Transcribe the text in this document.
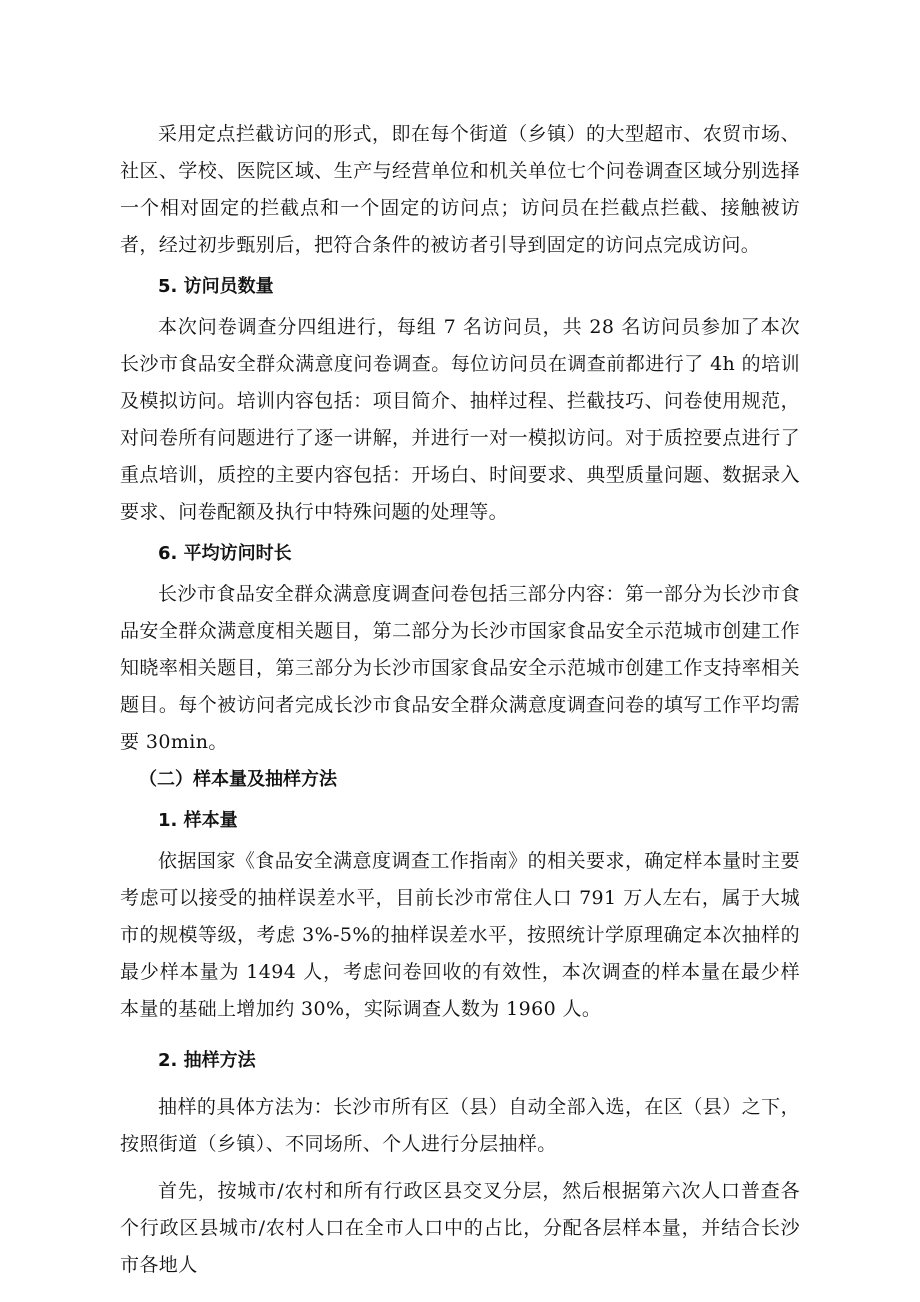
采用定点拦截访问的形式，即在每个街道（乡镇）的大型超市、农贸市场、社区、学校、医院区域、生产与经营单位和机关单位七个问卷调查区域分别选择一个相对固定的拦截点和一个固定的访问点；访问员在拦截点拦截、接触被访者，经过初步甄别后，把符合条件的被访者引导到固定的访问点完成访问。

5. 访问员数量

本次问卷调查分四组进行，每组 7 名访问员，共 28 名访问员参加了本次长沙市食品安全群众满意度问卷调查。每位访问员在调查前都进行了 4h 的培训及模拟访问。培训内容包括：项目简介、抽样过程、拦截技巧、问卷使用规范，对问卷所有问题进行了逐一讲解，并进行一对一模拟访问。对于质控要点进行了重点培训，质控的主要内容包括：开场白、时间要求、典型质量问题、数据录入要求、问卷配额及执行中特殊问题的处理等。

6. 平均访问时长

长沙市食品安全群众满意度调查问卷包括三部分内容：第一部分为长沙市食品安全群众满意度相关题目，第二部分为长沙市国家食品安全示范城市创建工作知晓率相关题目，第三部分为长沙市国家食品安全示范城市创建工作支持率相关题目。每个被访问者完成长沙市食品安全群众满意度调查问卷的填写工作平均需要 30min。

（二）样本量及抽样方法
1. 样本量

依据国家《食品安全满意度调查工作指南》的相关要求，确定样本量时主要考虑可以接受的抽样误差水平，目前长沙市常住人口 791 万人左右，属于大城市的规模等级，考虑 3%-5%的抽样误差水平，按照统计学原理确定本次抽样的最少样本量为 1494 人，考虑问卷回收的有效性，本次调查的样本量在最少样本量的基础上增加约 30%，实际调查人数为 1960 人。

2. 抽样方法

抽样的具体方法为：长沙市所有区（县）自动全部入选，在区（县）之下，按照街道（乡镇）、不同场所、个人进行分层抽样。

首先，按城市/农村和所有行政区县交叉分层，然后根据第六次人口普查各个行政区县城市/农村人口在全市人口中的占比，分配各层样本量，并结合长沙市各地人
